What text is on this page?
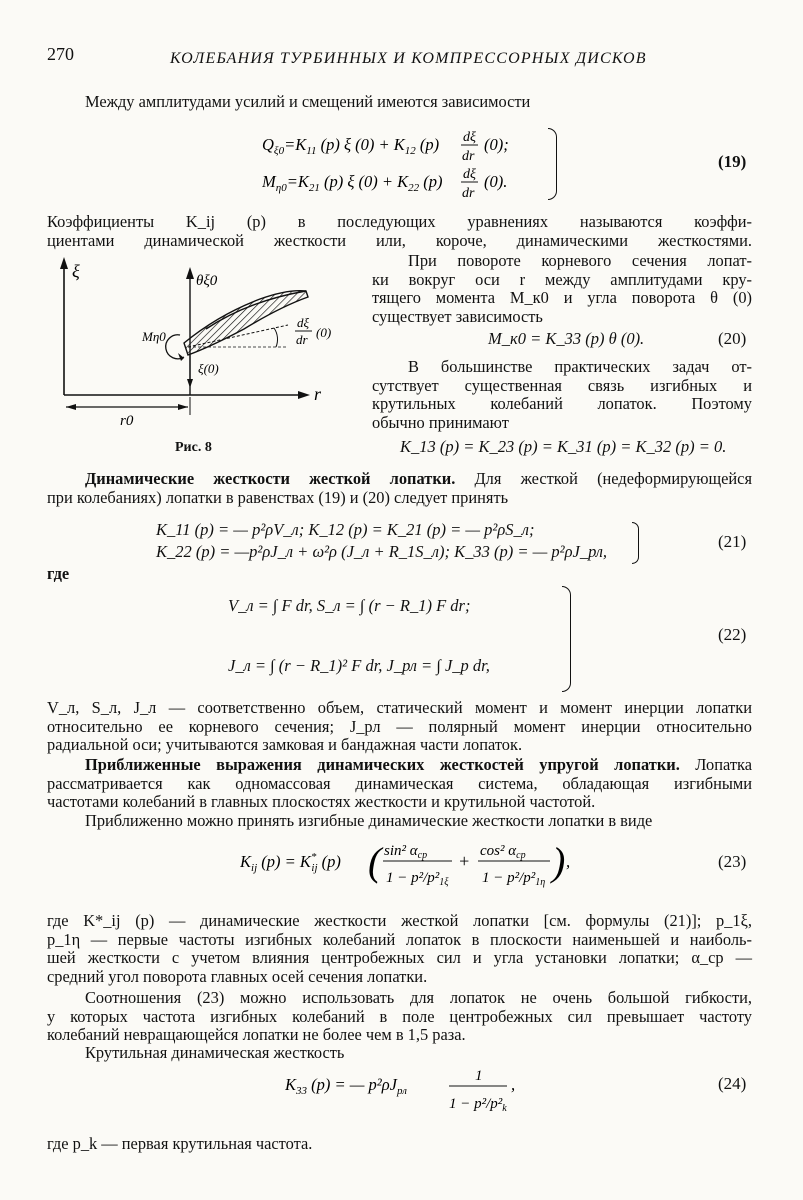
270	КОЛЕБАНИЯ ТУРБИННЫХ И КОМПРЕССОРНЫХ ДИСКОВ
Между амплитудами усилий и смещений имеются зависимости
$Q_{\xi 0}=K_{11}$ (p) ξ $(0) + K_{12}$ (p) dξ
dr
(0);
$M_{\eta 0}=K_{21}$ (p) ξ $(0) + K_{22}$ (p) dξ
dr
(0).
(19)
Коэффициенты K_ij (p) в последующих уравнениях называются коэффи-
циентами динамической жесткости или, короче, динамическими жесткостями.
ξ	θξ0
Mη0
dξ
dr (0)
ξ(0)
r
r0
Рис. 8
При повороте корневого сечения лопат-
ки вокруг оси r между амплитудами кру-
тящего момента M_к0 и угла поворота θ (0)
существует зависимость
M_к0 = K_33 (p) θ (0).	(20)
В большинстве практических задач от-
сутствует существенная связь изгибных и
крутильных колебаний лопаток. Поэтому
обычно принимают
K_13 (p) = K_23 (p) = K_31 (p) = K_32 (p) = 0.
Динамические жесткости жесткой лопатки. Для жесткой (недеформирующейся
при колебаниях) лопатки в равенствах (19) и (20) следует принять
K_11 (p) = — p²ρV_л; K_12 (p) = K_21 (p) = — p²ρS_л;
K_22 (p) = —p²ρJ_л + ω²ρ (J_л + R_1S_л); K_33 (p) = — p²ρJ_рл,
(21)
где
V_л = ∫ F dr, S_л = ∫ (r − R_1) F dr;
J_л = ∫ (r − R_1)² F dr, J_рл = ∫ J_p dr,
(22)
V_л, S_л, J_л — соответственно объем, статический момент и момент инерции лопатки
относительно ее корневого сечения; J_рл — полярный момент инерции относительно
радиальной оси; учитываются замковая и бандажная части лопаток.
Приближенные выражения динамических жесткостей упругой лопатки. Лопатка
рассматривается как одномассовая динамическая система, обладающая изгибными
частотами колебаний в главных плоскостях жесткости и крутильной частотой.
Приближенно можно принять изгибные динамические жесткости лопатки в виде
$K_{ij}$ (p) = K* ij (p) ( sin² $\alpha_{ср}$
$1 - p^2/p^2_{1\xi}$
+ cos² $\alpha_{ср}$
$1 - p^2/p^2_{1\eta}$ ) ,	(23)
где K*_ij (p) — динамические жесткости жесткой лопатки [см. формулы (21)]; p_1ξ,
p_1η — первые частоты изгибных колебаний лопаток в плоскости наименьшей и наиболь-
шей жесткости с учетом влияния центробежных сил и угла установки лопатки; α_ср —
средний угол поворота главных осей сечения лопатки.
Соотношения (23) можно использовать для лопаток не очень большой гибкости,
у которых частота изгибных колебаний в поле центробежных сил превышает частоту
колебаний невращающейся лопатки не более чем в 1,5 раза.
Крутильная динамическая жесткость
$K_{33}$ (p) = — $p^2\rho J_{рл}$
1
$1 - p^2/p^2_k$
,	(24)
где p_k — первая крутильная частота.
